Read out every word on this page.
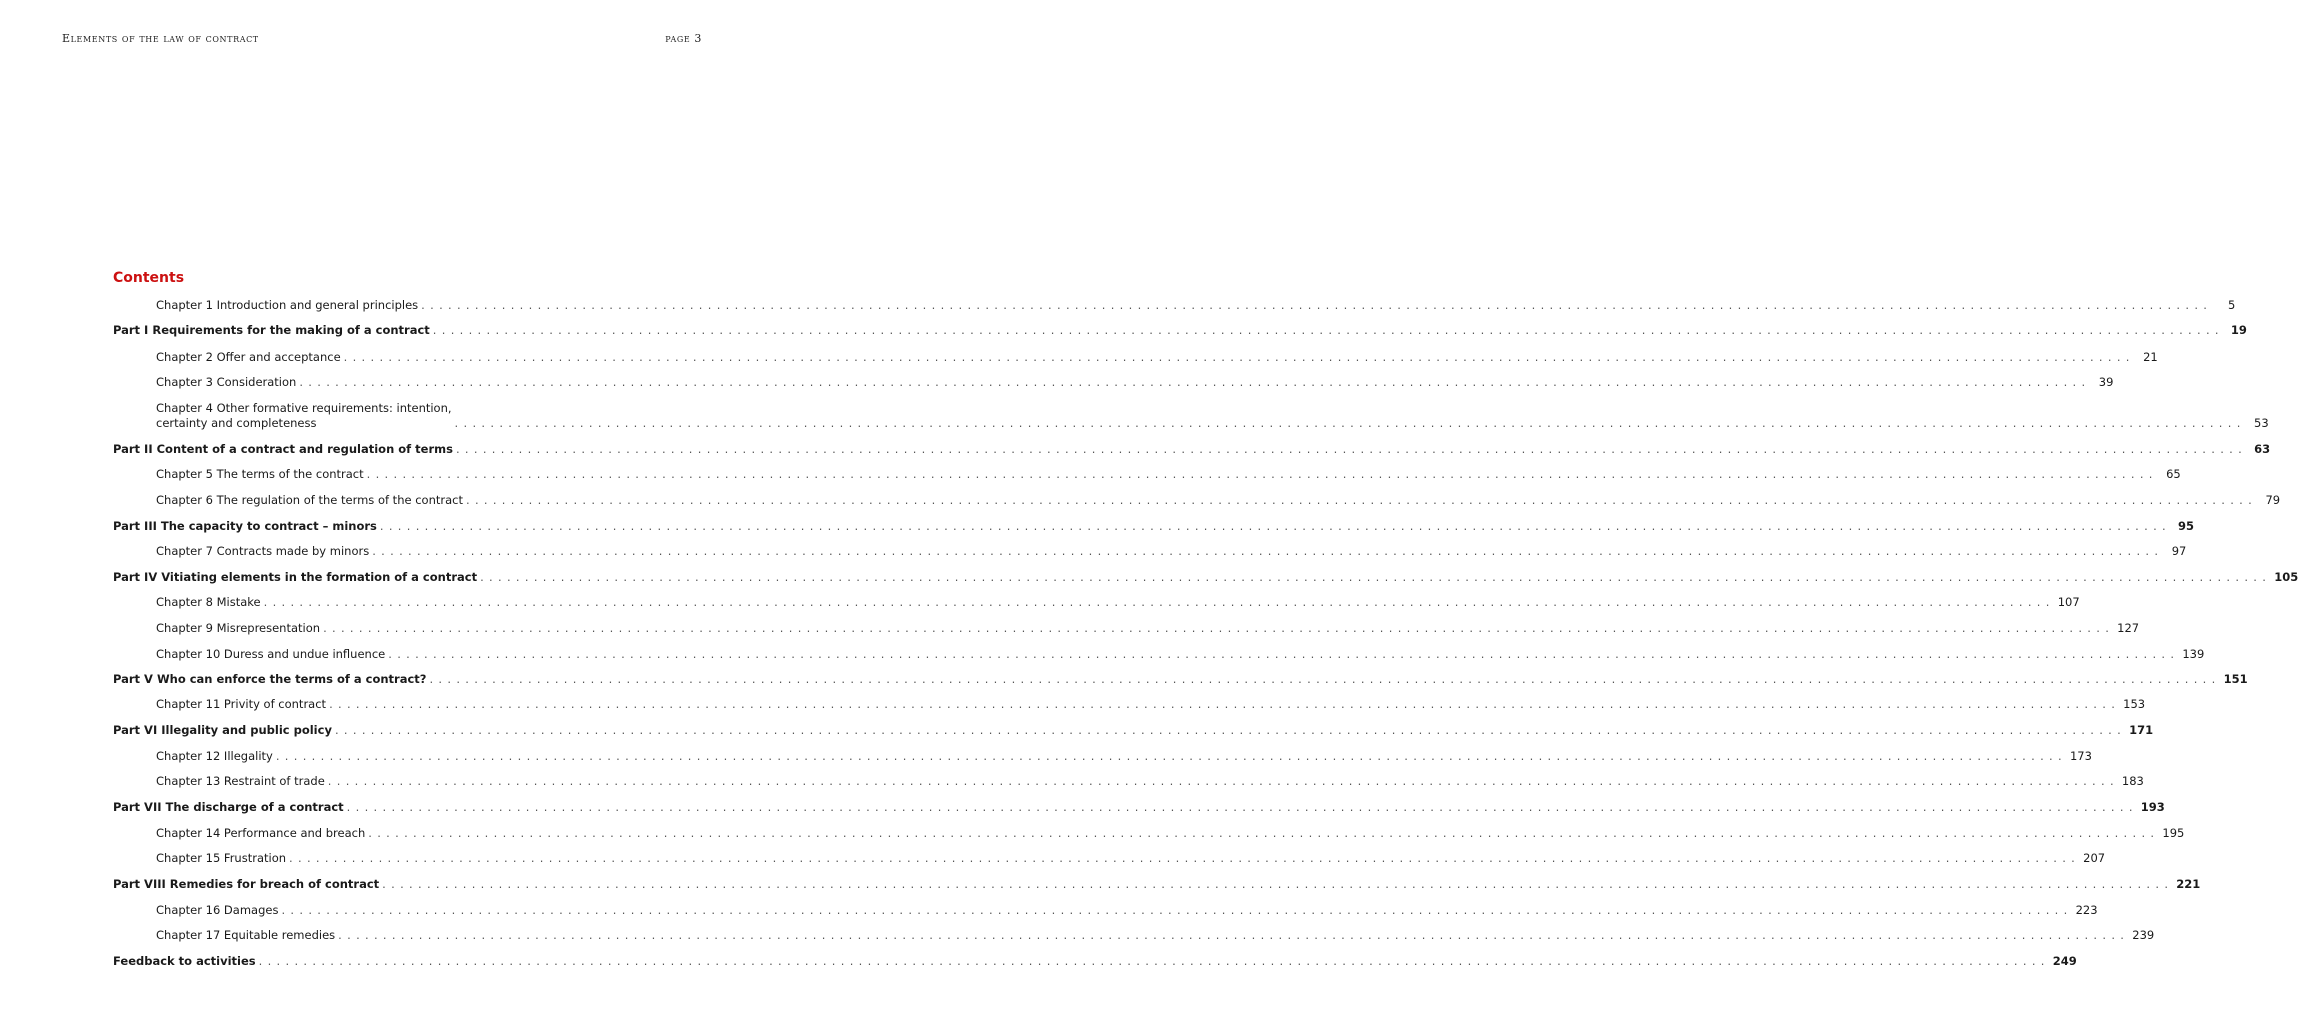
Elements of the law of contract	page 3
Contents
Chapter 1 Introduction and general principles ........................................................................................................................................................................................................	5
Part I Requirements for the making of a contract ........................................................................................................................................................................................................ 19
Chapter 2 Offer and acceptance ........................................................................................................................................................................................................ 21
Chapter 3 Consideration ........................................................................................................................................................................................................ 39
Chapter 4 Other formative requirements: intention,
certainty and completeness	........................................................................................................................................................................................................ 53
Part II Content of a contract and regulation of terms ........................................................................................................................................................................................................ 63
Chapter 5 The terms of the contract ........................................................................................................................................................................................................ 65
Chapter 6 The regulation of the terms of the contract ........................................................................................................................................................................................................ 79
Part III The capacity to contract – minors ........................................................................................................................................................................................................ 95
Chapter 7 Contracts made by minors ........................................................................................................................................................................................................ 97
Part IV Vitiating elements in the formation of a contract ........................................................................................................................................................................................................ 105
Chapter 8 Mistake ........................................................................................................................................................................................................ 107
Chapter 9 Misrepresentation ........................................................................................................................................................................................................ 127
Chapter 10 Duress and undue influence ........................................................................................................................................................................................................ 139
Part V Who can enforce the terms of a contract? ........................................................................................................................................................................................................ 151
Chapter 11 Privity of contract ........................................................................................................................................................................................................ 153
Part VI Illegality and public policy ........................................................................................................................................................................................................ 171
Chapter 12 Illegality ........................................................................................................................................................................................................ 173
Chapter 13 Restraint of trade ........................................................................................................................................................................................................ 183
Part VII The discharge of a contract ........................................................................................................................................................................................................ 193
Chapter 14 Performance and breach ........................................................................................................................................................................................................ 195
Chapter 15 Frustration ........................................................................................................................................................................................................ 207
Part VIII Remedies for breach of contract ........................................................................................................................................................................................................ 221
Chapter 16 Damages ........................................................................................................................................................................................................ 223
Chapter 17 Equitable remedies ........................................................................................................................................................................................................ 239
Feedback to activities ........................................................................................................................................................................................................ 249
